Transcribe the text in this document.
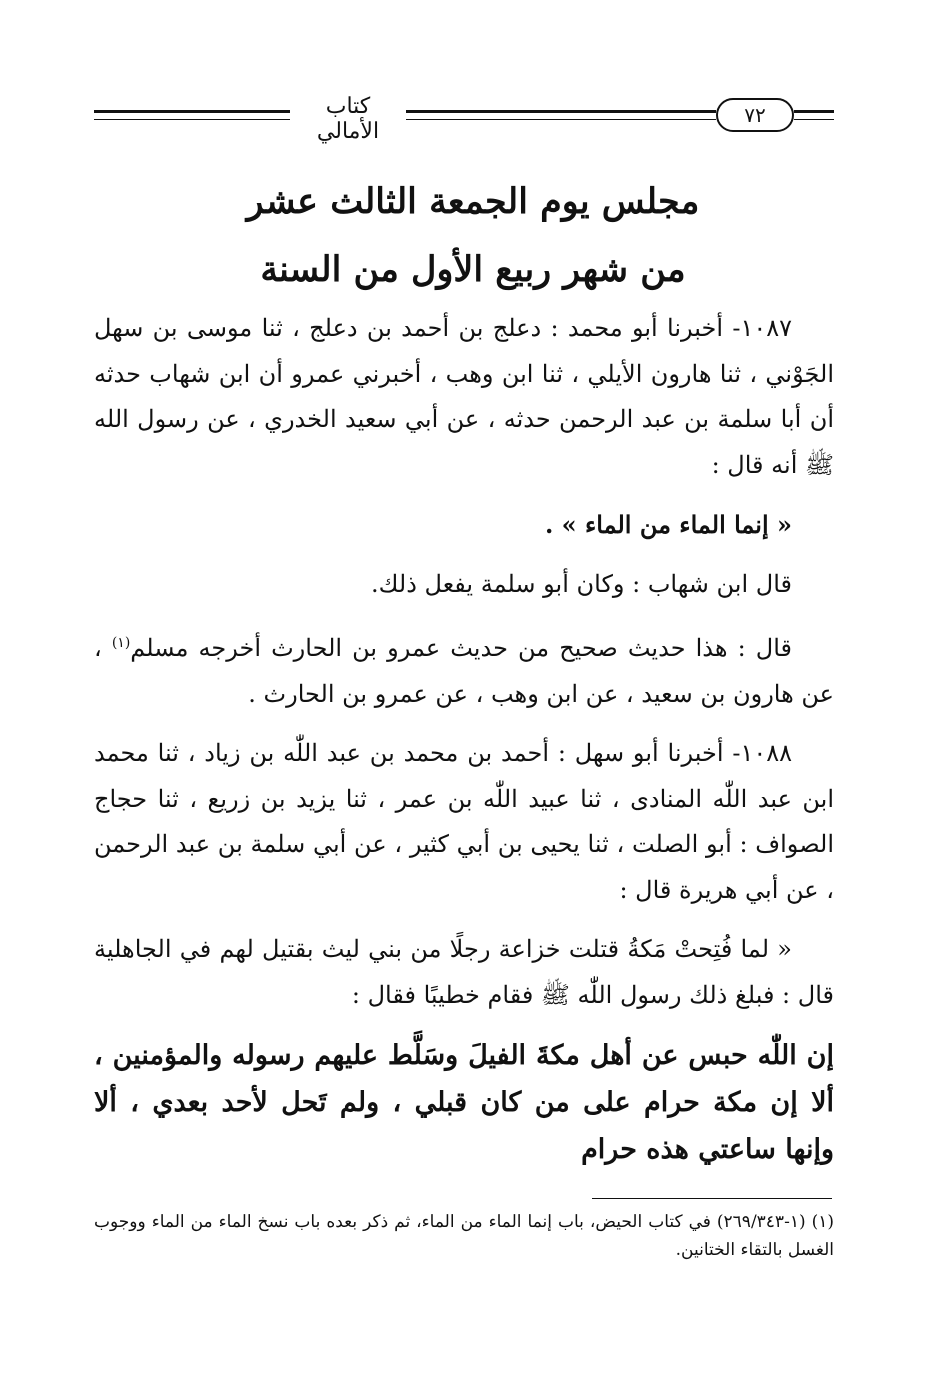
كتاب الأمالي
٧٢
مجلس يوم الجمعة الثالث عشر
من شهر ربيع الأول من السنة

١٠٨٧- أخبرنا أبو محمد : دعلج بن أحمد بن دعلج ، ثنا موسى بن سهل الجَوْني ، ثنا هارون الأيلي ، ثنا ابن وهب ، أخبرني عمرو أن ابن شهاب حدثه أن أبا سلمة بن عبد الرحمن حدثه ، عن أبي سعيد الخدري ، عن رسول الله ﷺ أنه قال :

« إنما الماء من الماء » .

قال ابن شهاب : وكان أبو سلمة يفعل ذلك.

قال : هذا حديث صحيح من حديث عمرو بن الحارث أخرجه مسلم$^{(١)}$ ، عن هارون بن سعيد ، عن ابن وهب ، عن عمرو بن الحارث .

١٠٨٨- أخبرنا أبو سهل : أحمد بن محمد بن عبد اللّٰه بن زياد ، ثنا محمد ابن عبد اللّٰه المنادى ، ثنا عبيد اللّٰه بن عمر ، ثنا يزيد بن زريع ، ثنا حجاج الصواف : أبو الصلت ، ثنا يحيى بن أبي كثير ، عن أبي سلمة بن عبد الرحمن ، عن أبي هريرة قال :

« لما فُتِحتْ مَكةُ قتلت خزاعة رجلًا من بني ليث بقتيل لهم في الجاهلية قال : فبلغ ذلك رسول اللّٰه ﷺ فقام خطيبًا فقال :

إن اللّٰه حبس عن أهل مكةَ الفيلَ وسَلَّط عليهم رسوله والمؤمنين ، ألا إن مكة حرام على من كان قبلي ، ولم تَحل لأحد بعدي ، ألا وإنها ساعتي هذه حرام

(١) (١-٢٦٩/٣٤٣) في كتاب الحيض، باب إنما الماء من الماء، ثم ذكر بعده باب نسخ الماء من الماء ووجوب الغسل بالتقاء الختانين.
